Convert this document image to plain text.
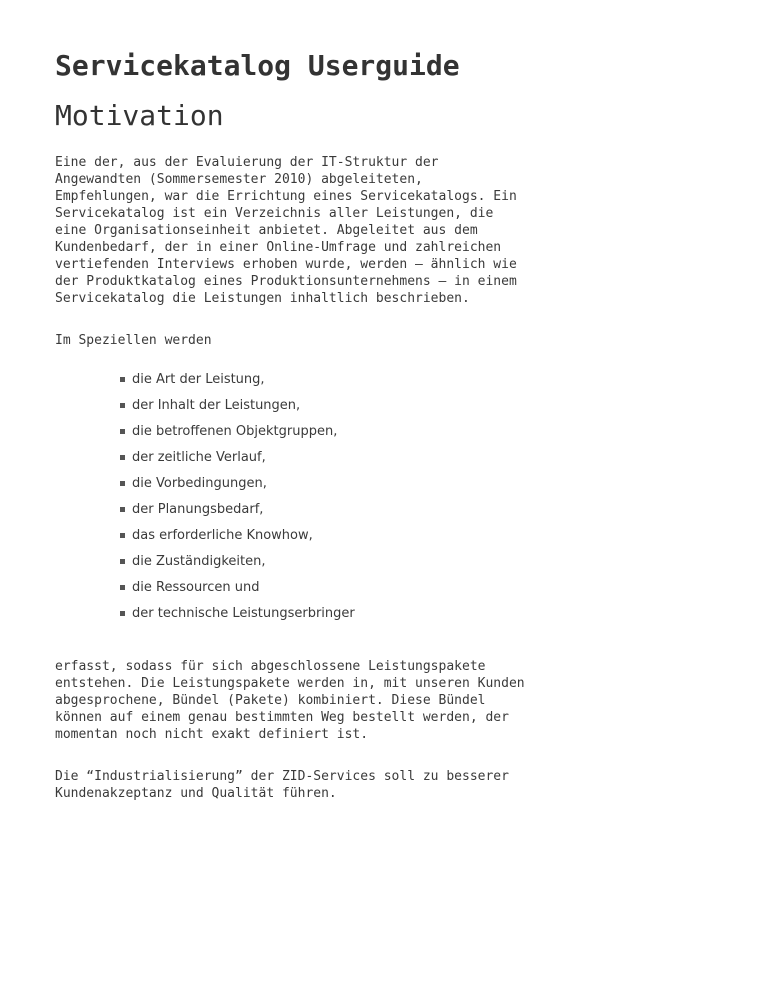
Servicekatalog Userguide
Motivation

Eine der, aus der Evaluierung der IT-Struktur der Angewandten (Sommersemester 2010) abgeleiteten, Empfehlungen, war die Errichtung eines Servicekatalogs. Ein Servicekatalog ist ein Verzeichnis aller Leistungen, die eine Organisationseinheit anbietet. Abgeleitet aus dem Kundenbedarf, der in einer Online-Umfrage und zahlreichen vertiefenden Interviews erhoben wurde, werden – ähnlich wie der Produktkatalog eines Produktionsunternehmens – in einem Servicekatalog die Leistungen inhaltlich beschrieben.

Im Speziellen werden

die Art der Leistung,
der Inhalt der Leistungen,
die betroffenen Objektgruppen,
der zeitliche Verlauf,
die Vorbedingungen,
der Planungsbedarf,
das erforderliche Knowhow,
die Zuständigkeiten,
die Ressourcen und
der technische Leistungserbringer

erfasst, sodass für sich abgeschlossene Leistungspakete entstehen. Die Leistungspakete werden in, mit unseren Kunden abgesprochene, Bündel (Pakete) kombiniert. Diese Bündel können auf einem genau bestimmten Weg bestellt werden, der momentan noch nicht exakt definiert ist.

Die “Industrialisierung” der ZID-Services soll zu besserer Kundenakzeptanz und Qualität führen.
